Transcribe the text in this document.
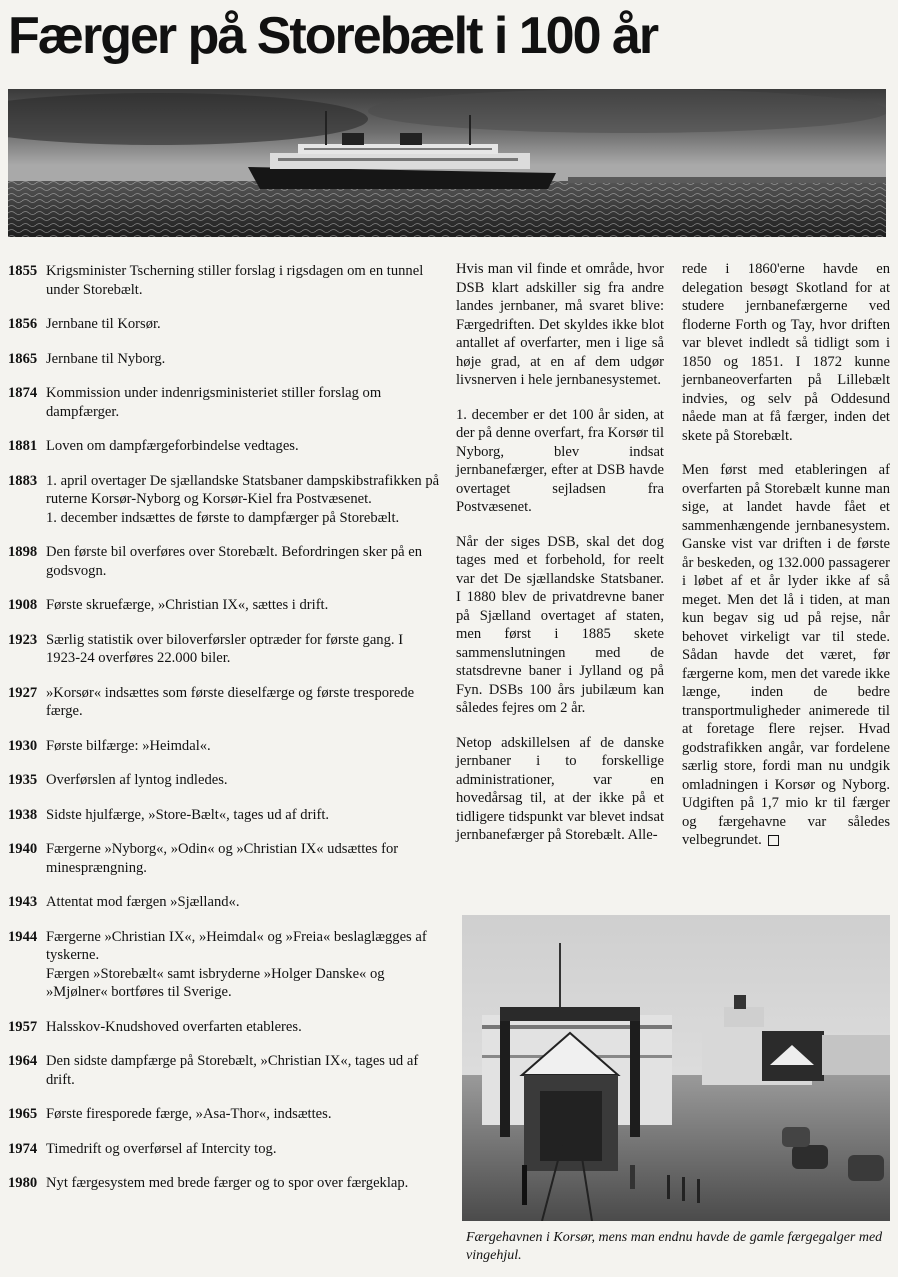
Færger på Storebælt i 100 år
1855 Krigsminister Tscherning stiller forslag i rigsdagen om en tunnel under Storebælt.
1856 Jernbane til Korsør.
1865 Jernbane til Nyborg.
1874 Kommission under indenrigsministeriet stiller forslag om dampfærger.
1881 Loven om dampfærgeforbindelse vedtages.
1883 1. april overtager De sjællandske Statsbaner dampskibstrafikken på ruterne Korsør-Nyborg og Korsør-Kiel fra Postvæsenet.
1. december indsættes de første to dampfærger på Storebælt.
1898 Den første bil overføres over Storebælt. Befordringen sker på en godsvogn.
1908 Første skruefærge, »Christian IX«, sættes i drift.
1923 Særlig statistik over biloverførsler optræder for første gang. I 1923-24 overføres 22.000 biler.
1927 »Korsør« indsættes som første dieselfærge og første tresporede færge.
1930 Første bilfærge: »Heimdal«.
1935 Overførslen af lyntog indledes.
1938 Sidste hjulfærge, »Store-Bælt«, tages ud af drift.
1940 Færgerne »Nyborg«, »Odin« og »Christian IX« udsættes for minesprængning.
1943 Attentat mod færgen »Sjælland«.
1944 Færgerne »Christian IX«, »Heimdal« og »Freia« beslaglægges af tyskerne.
Færgen »Storebælt« samt isbryderne »Holger Danske« og »Mjølner« bortføres til Sverige.
1957 Halsskov-Knudshoved overfarten etableres.
1964 Den sidste dampfærge på Storebælt, »Christian IX«, tages ud af drift.
1965 Første firesporede færge, »Asa-Thor«, indsættes.
1974 Timedrift og overførsel af Intercity tog.
1980 Nyt færgesystem med brede færger og to spor over færgeklap.

Hvis man vil finde et område, hvor DSB klart adskiller sig fra andre landes jernbaner, må svaret blive: Færgedriften. Det skyldes ikke blot antallet af overfarter, men i lige så høje grad, at en af dem udgør livsnerven i hele jernbanesystemet.

1. december er det 100 år siden, at der på denne overfart, fra Korsør til Nyborg, blev indsat jernbanefærger, efter at DSB havde overtaget sejladsen fra Postvæsenet.

Når der siges DSB, skal det dog tages med et forbehold, for reelt var det De sjællandske Statsbaner. I 1880 blev de privatdrevne baner på Sjælland overtaget af staten, men først i 1885 skete sammenslutningen med de statsdrevne baner i Jylland og på Fyn. DSBs 100 års jubilæum kan således fejres om 2 år.

Netop adskillelsen af de danske jernbaner i to forskellige administrationer, var en hovedårsag til, at der ikke på et tidligere tidspunkt var blevet indsat jernbanefærger på Storebælt. Alle-

rede i 1860'erne havde en delegation besøgt Skotland for at studere jernbanefærgerne ved floderne Forth og Tay, hvor driften var blevet indledt så tidligt som i 1850 og 1851. I 1872 kunne jernbaneoverfarten på Lillebælt indvies, og selv på Oddesund nåede man at få færger, inden det skete på Storebælt.

Men først med etableringen af overfarten på Storebælt kunne man sige, at landet havde fået et sammenhængende jernbanesystem. Ganske vist var driften i de første år beskeden, og 132.000 passagerer i løbet af et år lyder ikke af så meget. Men det lå i tiden, at man kun begav sig ud på rejse, når behovet virkeligt var til stede. Sådan havde det været, før færgerne kom, men det varede ikke længe, inden de bedre transportmuligheder animerede til at foretage flere rejser. Hvad godstrafikken angår, var fordelene særlig store, fordi man nu undgik omladningen i Korsør og Nyborg. Udgiften på 1,7 mio kr til færger og færgehavne var således velbegrundet.

Færgehavnen i Korsør, mens man endnu havde de gamle færgegalger med vingehjul.
